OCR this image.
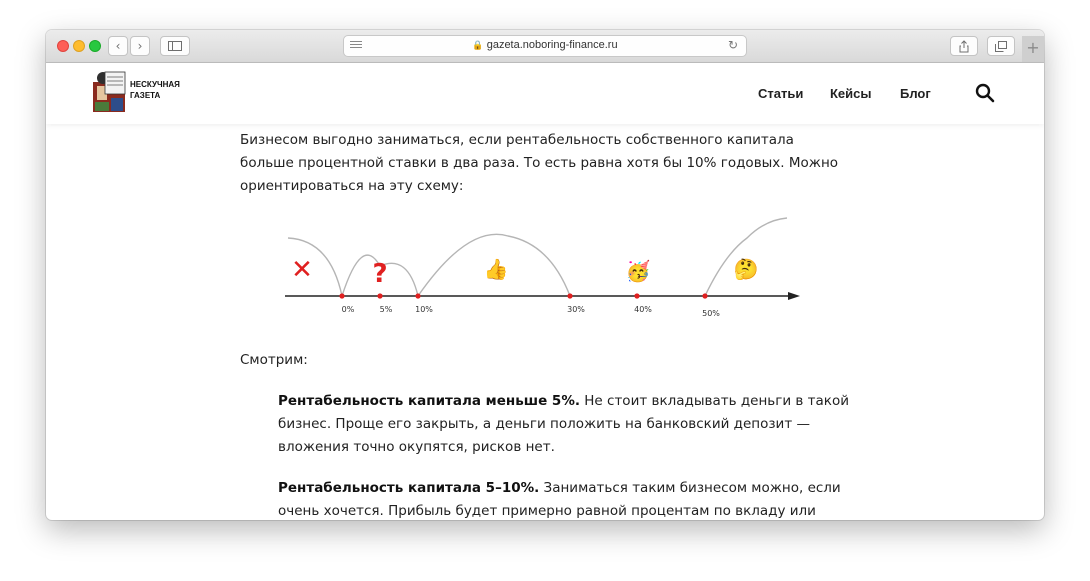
‹ ›	🔒 gazeta.noboring-finance.ru	↻	+
НЕСКУЧНАЯ ГАЗЕТА	Статьи Кейсы Блог

Бизнесом выгодно заниматься, если рентабельность собственного капитала больше процентной ставки в два раза. То есть равна хотя бы 10% годовых. Можно ориентироваться на эту схему:

0%	5%	10%	30%	40%	50%
✕ ?	👍	🥳	🤔

Смотрим:

Рентабельность капитала меньше 5%. Не стоит вкладывать деньги в такой бизнес. Проще его закрыть, а деньги положить на банковский депозит — вложения точно окупятся, рисков нет.

Рентабельность капитала 5–10%. Заниматься таким бизнесом можно, если очень хочется. Прибыль будет примерно равной процентам по вкладу или
